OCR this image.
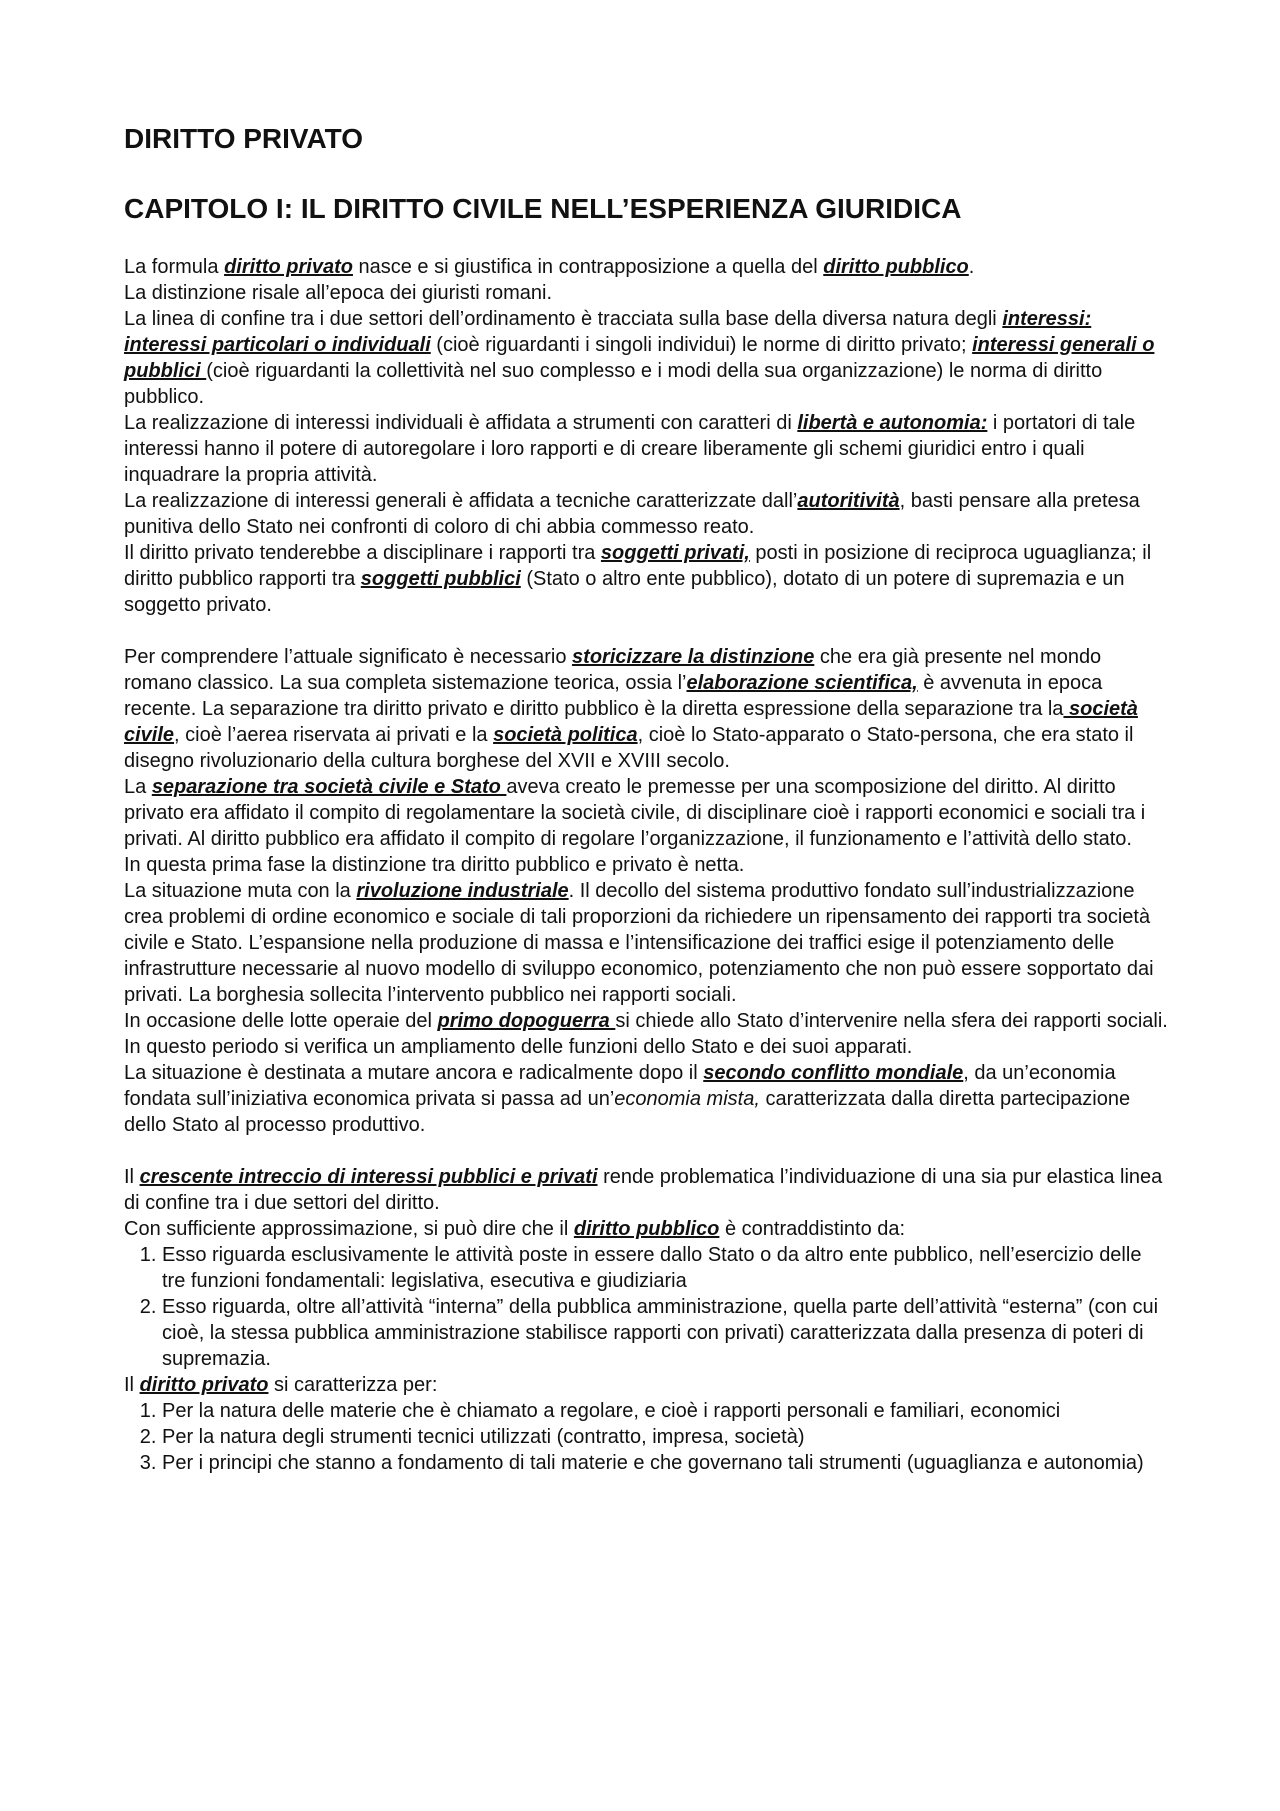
DIRITTO PRIVATO
CAPITOLO I: IL DIRITTO CIVILE NELL’ESPERIENZA GIURIDICA

La formula diritto privato nasce e si giustifica in contrapposizione a quella del diritto pubblico.

La distinzione risale all’epoca dei giuristi romani.

La linea di confine tra i due settori dell’ordinamento è tracciata sulla base della diversa natura degli interessi: interessi particolari o individuali (cioè riguardanti i singoli individui) le norme di diritto privato; interessi generali o pubblici (cioè riguardanti la collettività nel suo complesso e i modi della sua organizzazione) le norma di diritto pubblico.

La realizzazione di interessi individuali è affidata a strumenti con caratteri di libertà e autonomia: i portatori di tale interessi hanno il potere di autoregolare i loro rapporti e di creare liberamente gli schemi giuridici entro i quali inquadrare la propria attività.

La realizzazione di interessi generali è affidata a tecniche caratterizzate dall’autoritività, basti pensare alla pretesa punitiva dello Stato nei confronti di coloro di chi abbia commesso reato.

Il diritto privato tenderebbe a disciplinare i rapporti tra soggetti privati, posti in posizione di reciproca uguaglianza; il diritto pubblico rapporti tra soggetti pubblici (Stato o altro ente pubblico), dotato di un potere di supremazia e un soggetto privato.

Per comprendere l’attuale significato è necessario storicizzare la distinzione che era già presente nel mondo romano classico. La sua completa sistemazione teorica, ossia l’elaborazione scientifica, è avvenuta in epoca recente. La separazione tra diritto privato e diritto pubblico è la diretta espressione della separazione tra la società civile, cioè l’aerea riservata ai privati e la società politica, cioè lo Stato-apparato o Stato-persona, che era stato il disegno rivoluzionario della cultura borghese del XVII e XVIII secolo.

La separazione tra società civile e Stato aveva creato le premesse per una scomposizione del diritto. Al diritto privato era affidato il compito di regolamentare la società civile, di disciplinare cioè i rapporti economici e sociali tra i privati. Al diritto pubblico era affidato il compito di regolare l’organizzazione, il funzionamento e l’attività dello stato.

In questa prima fase la distinzione tra diritto pubblico e privato è netta.

La situazione muta con la rivoluzione industriale. Il decollo del sistema produttivo fondato sull’industrializzazione crea problemi di ordine economico e sociale di tali proporzioni da richiedere un ripensamento dei rapporti tra società civile e Stato. L’espansione nella produzione di massa e l’intensificazione dei traffici esige il potenziamento delle infrastrutture necessarie al nuovo modello di sviluppo economico, potenziamento che non può essere sopportato dai privati. La borghesia sollecita l’intervento pubblico nei rapporti sociali.

In occasione delle lotte operaie del primo dopoguerra si chiede allo Stato d’intervenire nella sfera dei rapporti sociali. In questo periodo si verifica un ampliamento delle funzioni dello Stato e dei suoi apparati.

La situazione è destinata a mutare ancora e radicalmente dopo il secondo conflitto mondiale, da un’economia fondata sull’iniziativa economica privata si passa ad un’economia mista, caratterizzata dalla diretta partecipazione dello Stato al processo produttivo.

Il crescente intreccio di interessi pubblici e privati rende problematica l’individuazione di una sia pur elastica linea di confine tra i due settori del diritto.

Con sufficiente approssimazione, si può dire che il diritto pubblico è contraddistinto da:

1. Esso riguarda esclusivamente le attività poste in essere dallo Stato o da altro ente pubblico, nell’esercizio delle tre funzioni fondamentali: legislativa, esecutiva e giudiziaria
2. Esso riguarda, oltre all’attività “interna” della pubblica amministrazione, quella parte dell’attività “esterna” (con cui cioè, la stessa pubblica amministrazione stabilisce rapporti con privati) caratterizzata dalla presenza di poteri di supremazia.

Il diritto privato si caratterizza per:

1. Per la natura delle materie che è chiamato a regolare, e cioè i rapporti personali e familiari, economici
2. Per la natura degli strumenti tecnici utilizzati (contratto, impresa, società)
3. Per i principi che stanno a fondamento di tali materie e che governano tali strumenti (uguaglianza e autonomia)
